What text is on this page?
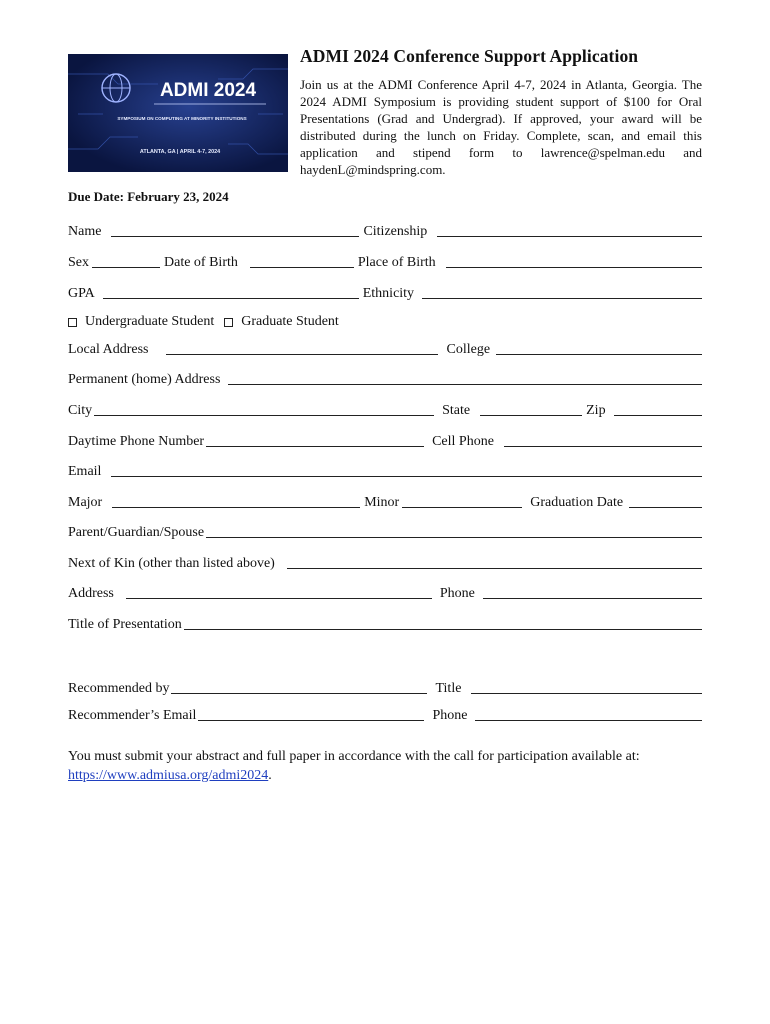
ADMI 2024
SYMPOSIUM ON COMPUTING AT MINORITY INSTITUTIONS
ATLANTA, GA | APRIL 4-7, 2024
ADMI 2024 Conference Support Application
Join us at the ADMI Conference April 4-7, 2024 in Atlanta, Georgia. The 2024 ADMI Symposium is providing student support of $100 for Oral Presentations (Grad and Undergrad). If approved, your award will be distributed during the lunch on Friday. Complete, scan, and email this application and stipend form to lawrence@spelman.edu and haydenL@mindspring.com.
Due Date: February 23, 2024
Name	Citizenship
Sex	Date of Birth	Place of Birth
GPA	Ethnicity
Undergraduate Student Graduate Student
Local Address	College
Permanent (home) Address
City	State	Zip
Daytime Phone Number	Cell Phone
Email
Major	Minor	Graduation Date
Parent/Guardian/Spouse
Next of Kin (other than listed above)
Address	Phone
Title of Presentation
Recommended by	Title
Recommender’s Email	Phone
You must submit your abstract and full paper in accordance with the call for participation available at:
https://www.admiusa.org/admi2024.
